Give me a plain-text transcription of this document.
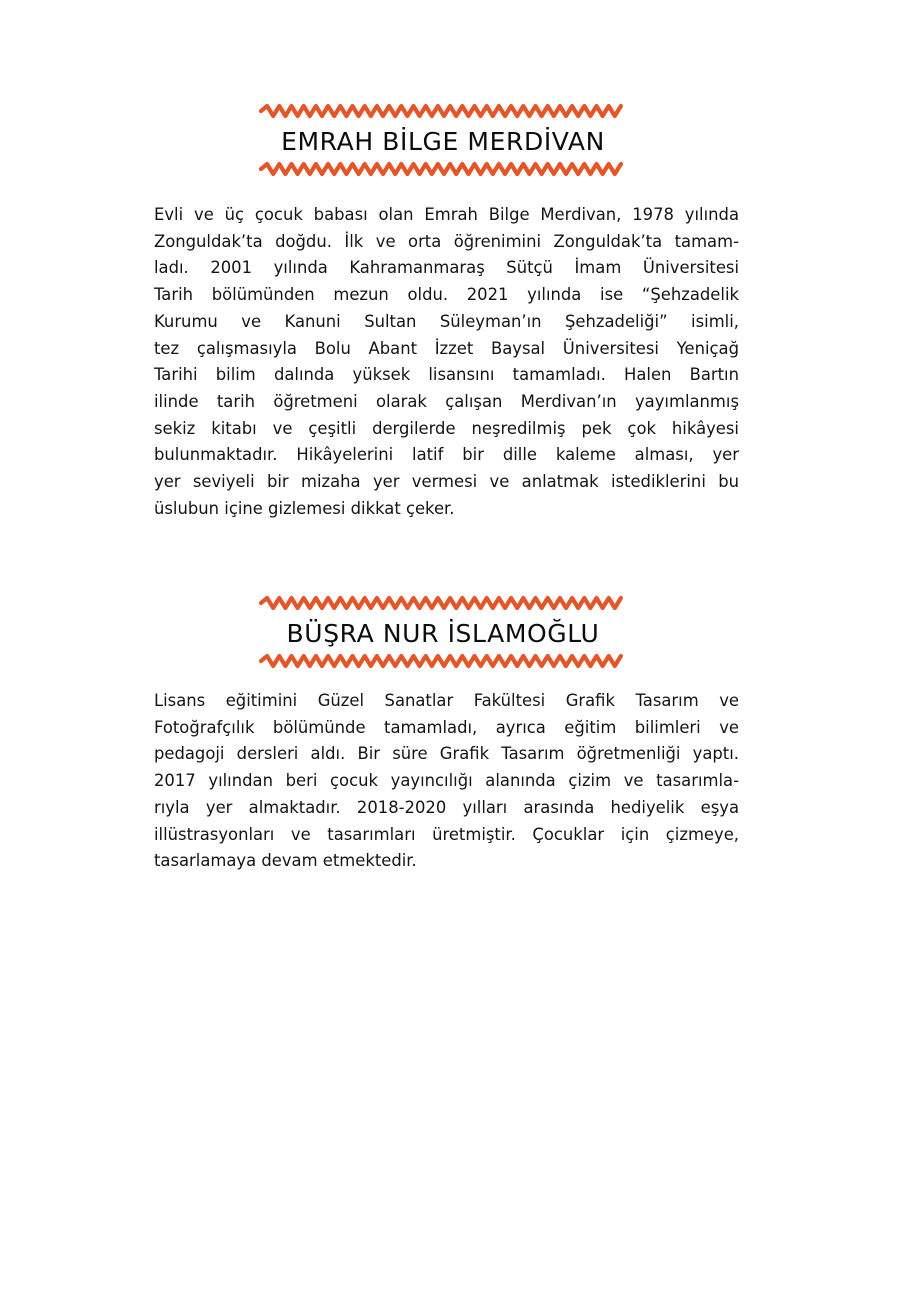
EMRAH BİLGE MERDİVAN

Evli ve üç çocuk babası olan Emrah Bilge Merdivan, 1978 yılında
Zonguldak’ta doğdu. İlk ve orta öğrenimini Zonguldak’ta tamam-
ladı. 2001 yılında Kahramanmaraş Sütçü İmam Üniversitesi
Tarih bölümünden mezun oldu. 2021 yılında ise “Şehzadelik
Kurumu ve Kanuni Sultan Süleyman’ın Şehzadeliği” isimli,
tez çalışmasıyla Bolu Abant İzzet Baysal Üniversitesi Yeniçağ
Tarihi bilim dalında yüksek lisansını tamamladı. Halen Bartın
ilinde tarih öğretmeni olarak çalışan Merdivan’ın yayımlanmış
sekiz kitabı ve çeşitli dergilerde neşredilmiş pek çok hikâyesi
bulunmaktadır. Hikâyelerini latif bir dille kaleme alması, yer
yer seviyeli bir mizaha yer vermesi ve anlatmak istediklerini bu
üslubun içine gizlemesi dikkat çeker.

BÜŞRA NUR İSLAMOĞLU

Lisans eğitimini Güzel Sanatlar Fakültesi Grafik Tasarım ve
Fotoğrafçılık bölümünde tamamladı, ayrıca eğitim bilimleri ve
pedagoji dersleri aldı. Bir süre Grafik Tasarım öğretmenliği yaptı.
2017 yılından beri çocuk yayıncılığı alanında çizim ve tasarımla-
rıyla yer almaktadır. 2018-2020 yılları arasında hediyelik eşya
illüstrasyonları ve tasarımları üretmiştir. Çocuklar için çizmeye,
tasarlamaya devam etmektedir.
